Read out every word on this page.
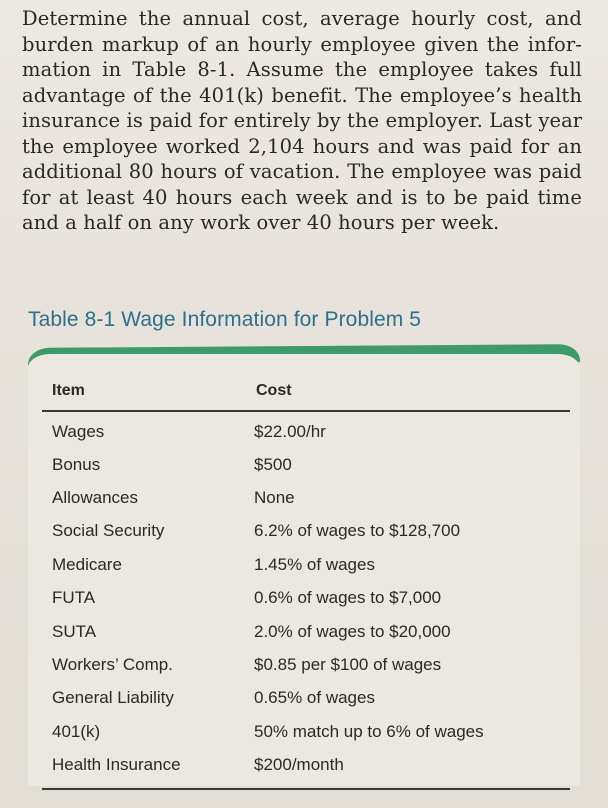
Determine the annual cost, average hourly cost, and
burden markup of an hourly employee given the infor-
mation in Table 8-1. Assume the employee takes full
advantage of the 401(k) benefit. The employee’s health
insurance is paid for entirely by the employer. Last year
the employee worked 2,104 hours and was paid for an
additional 80 hours of vacation. The employee was paid
for at least 40 hours each week and is to be paid time
and a half on any work over 40 hours per week.
Table 8-1 Wage Information for Problem 5
Item	Cost
Wages	$22.00/hr
Bonus	$500
Allowances	None
Social Security	6.2% of wages to $128,700
Medicare	1.45% of wages
FUTA	0.6% of wages to $7,000
SUTA	2.0% of wages to $20,000
Workers’ Comp.	$0.85 per $100 of wages
General Liability	0.65% of wages
401(k)	50% match up to 6% of wages
Health Insurance	$200/month
